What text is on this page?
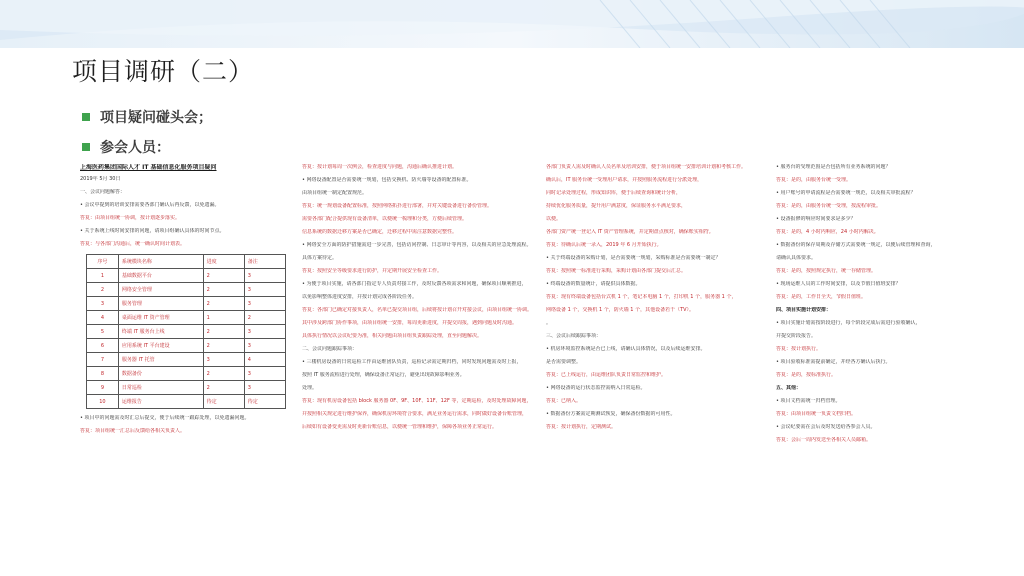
项目调研（二）
项目疑问碰头会；
参会人员：
上海医药集团国际人才 IT 基础信息化服务项目疑问
2019年 5月 30日
一、会议问题解答：
• 会议中提到的培训安排需要各部门确认后再反馈，以免遗漏。
答复：由项目组统一协调，按计划逐步落实。
• 关于系统上线时间安排的问题，请项目组确认具体的时间节点。
答复：与各部门沟通后，统一确认时间计划表。
序号	系统模块名称	进度	备注
1	基础数据平台	2	3
2	网络安全管理	2	3
3	服务管理	2	3
4	桌面运维 IT 资产管理	1	2
5	终端 IT 服务台上线	2	3
6	应用系统 IT 平台建设	2	3
7	服务器 IT 托管	3	4
8	数据备份	2	3
9	日常巡检	2	3
10	运维报告	待定	待定
• 项目中的问题需及时汇总后提交，便于后续统一跟踪处理，以免遗漏问题。
答复：项目组统一汇总后反馈给各相关负责人。
答复：按计划每周一次例会，检查进度与问题，沟通后确认推进计划。
• 网络设备配置是否需要统一规划，包括交换机、防火墙等设备的配置标准。
由项目组统一制定配置规范。
答复：统一规划设备配置标准，按照网络拓扑进行部署，并对关键设备进行备份管理。
需要各部门配合提供现有设备清单，以便统一梳理和分类，方便后续管理。
信息系统的数据迁移方案是否已确定，迁移过程中需注意数据完整性。
• 网络安全方面的防护措施需进一步完善，包括访问控制、日志审计等内容，以及相关的应急处理流程。
具体方案待定。
答复：按照安全等级要求进行防护，并定期开展安全检查工作。
• 为便于项目实施，请各部门指定专人负责对接工作，及时反馈各项需求和问题，确保项目顺利推进，
以免影响整体进度安排，并按计划完成各阶段任务。
答复：各部门已确定对接负责人，名单已提交项目组，后续将按计划召开对接会议，由项目组统一协调。
其中涉及跨部门协作事项，由项目组统一安排，每周更新进度，并提交周报，遇到问题及时沟通。
具体执行情况以会议纪要为准，相关问题由项目组负责跟踪处理，直至问题解决。
二、会议问题跟踪事项：
• 三楼机房设备的日常巡检工作由运维团队负责，巡检记录需定期归档，同时发现问题需及时上报，
按照 IT 服务流程进行处理，确保设备正常运行，避免出现故障影响业务。
处理。
答复：现有机房设备包括 block 服务器 0F、9F、10F、11F、12F 等，定期巡检，及时处理故障问题，
并按照相关规定进行维护保养，确保机房环境符合要求，满足业务运行需求，同时做好设备台账管理，
后续如有设备变更需及时更新台账信息，以便统一管理和维护，保障各项业务正常运行。
各部门负责人需及时确认人员名单及培训安排，便于项目组统一安排培训计划和考核工作。
确认后，IT 服务台统一受理用户请求，并按照服务流程进行分派处理，
同时记录处理过程，形成知识库，便于后续查询和统计分析，
持续优化服务质量，提升用户满意度，保证服务水平满足要求，
以便。
各部门资产统一登记入 IT 资产管理系统，并定期盘点核对，确保账实相符。
答复：待确认后统一录入，2019 年 6 月开始执行。
• 关于终端设备的采购计划，是否需要统一规划，采购标准是否需要统一制定？
答复：按照统一标准进行采购，采购计划由各部门提交后汇总。
• 终端设备的数量统计，请提供具体数据。
答复：现有终端设备包括台式机 1 个，笔记本电脑 1 个，打印机 1 个，服务器 1 个，
网络设备 1 个，交换机 1 个，防火墙 1 个，其他设备若干（TV）。
。
三、会议后续跟踪事项：
• 机房环境监控系统是否已上线，请确认具体情况，以及后续运维安排。
是否需要调整。
答复：已上线运行，由运维团队负责日常监控和维护。
• 网络设备的运行状态监控需纳入日常巡检。
答复：已纳入。
• 数据备份方案需定期测试恢复，确保备份数据的可用性。
答复：按计划执行，定期测试。
• 服务台的受理范围是否包括所有业务系统的问题？
答复：是的，由服务台统一受理。
• 用户账号的申请流程是否需要统一规范，以及相关审批流程？
答复：是的，由服务台统一受理，按流程审批。
• 设备报修的响应时间要求是多少？
答复：是的，4 小时内响应，24 小时内解决。
• 数据备份的保存周期及存储方式需要统一规定，以便后续管理和查询，
请确认具体要求。
答复：是的，按照规定执行，统一存储管理。
• 现场运维人员的工作时间安排，以及节假日值班安排？
答复：是的，工作日全天，节假日值班。
四、项目实施计划安排：
• 项目实施计划需按阶段进行，每个阶段完成后需进行验收确认，
并提交阶段报告。
答复：按计划执行。
• 项目验收标准需提前确定，并经各方确认后执行。
答复：是的，按标准执行。
五、其他：
• 项目文档需统一归档管理。
答复：由项目组统一负责文档归档。
• 会议纪要需在会后及时发送给各参会人员。
答复：会后一周内发送至各相关人员邮箱。
